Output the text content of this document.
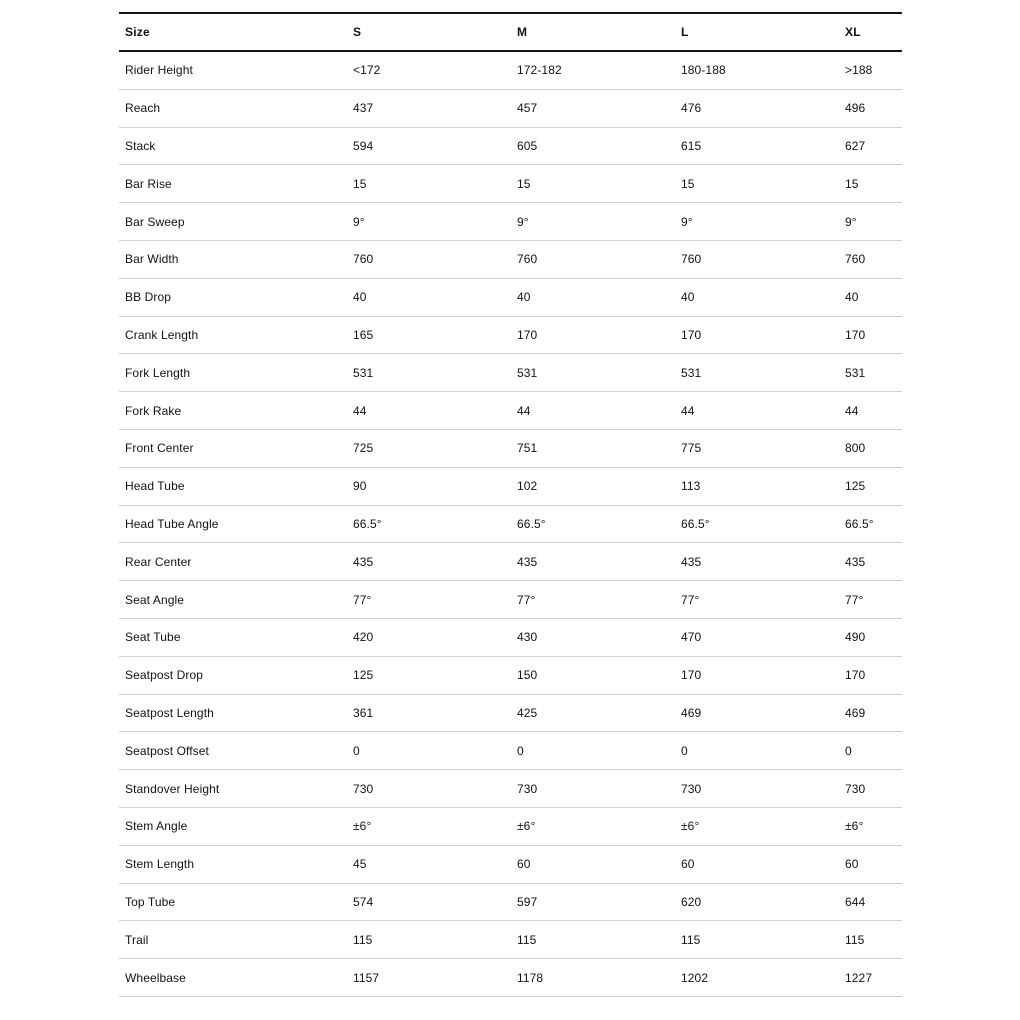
Size	S	M	L	XL
Rider Height	<172	172-182	180-188	>188
Reach	437	457	476	496
Stack	594	605	615	627
Bar Rise	15	15	15	15
Bar Sweep	9°	9°	9°	9°
Bar Width	760	760	760	760
BB Drop	40	40	40	40
Crank Length	165	170	170	170
Fork Length	531	531	531	531
Fork Rake	44	44	44	44
Front Center	725	751	775	800
Head Tube	90	102	113	125
Head Tube Angle	66.5°	66.5°	66.5°	66.5°
Rear Center	435	435	435	435
Seat Angle	77°	77°	77°	77°
Seat Tube	420	430	470	490
Seatpost Drop	125	150	170	170
Seatpost Length	361	425	469	469
Seatpost Offset	0	0	0	0
Standover Height	730	730	730	730
Stem Angle	±6°	±6°	±6°	±6°
Stem Length	45	60	60	60
Top Tube	574	597	620	644
Trail	115	115	115	115
Wheelbase	1157	1178	1202	1227
